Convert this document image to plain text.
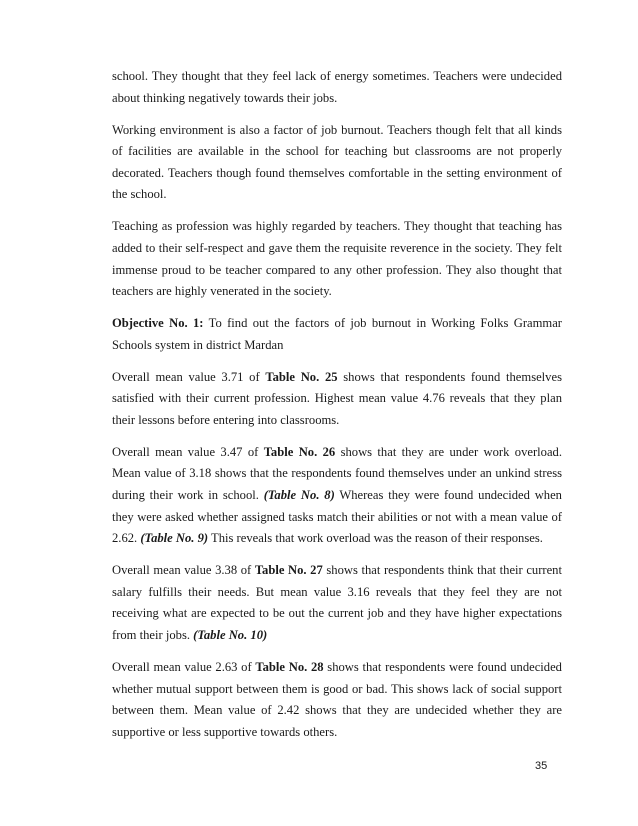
school. They thought that they feel lack of energy sometimes. Teachers were undecided about thinking negatively towards their jobs.

Working environment is also a factor of job burnout. Teachers though felt that all kinds of facilities are available in the school for teaching but classrooms are not properly decorated. Teachers though found themselves comfortable in the setting environment of the school.

Teaching as profession was highly regarded by teachers. They thought that teaching has added to their self-respect and gave them the requisite reverence in the society. They felt immense proud to be teacher compared to any other profession. They also thought that teachers are highly venerated in the society.

Objective No. 1: To find out the factors of job burnout in Working Folks Grammar Schools system in district Mardan

Overall mean value 3.71 of Table No. 25 shows that respondents found themselves satisfied with their current profession. Highest mean value 4.76 reveals that they plan their lessons before entering into classrooms.

Overall mean value 3.47 of Table No. 26 shows that they are under work overload. Mean value of 3.18 shows that the respondents found themselves under an unkind stress during their work in school. (Table No. 8) Whereas they were found undecided when they were asked whether assigned tasks match their abilities or not with a mean value of 2.62. (Table No. 9) This reveals that work overload was the reason of their responses.

Overall mean value 3.38 of Table No. 27 shows that respondents think that their current salary fulfills their needs. But mean value 3.16 reveals that they feel they are not receiving what are expected to be out the current job and they have higher expectations from their jobs. (Table No. 10)

Overall mean value 2.63 of Table No. 28 shows that respondents were found undecided whether mutual support between them is good or bad. This shows lack of social support between them. Mean value of 2.42 shows that they are undecided whether they are supportive or less supportive towards others.

35
